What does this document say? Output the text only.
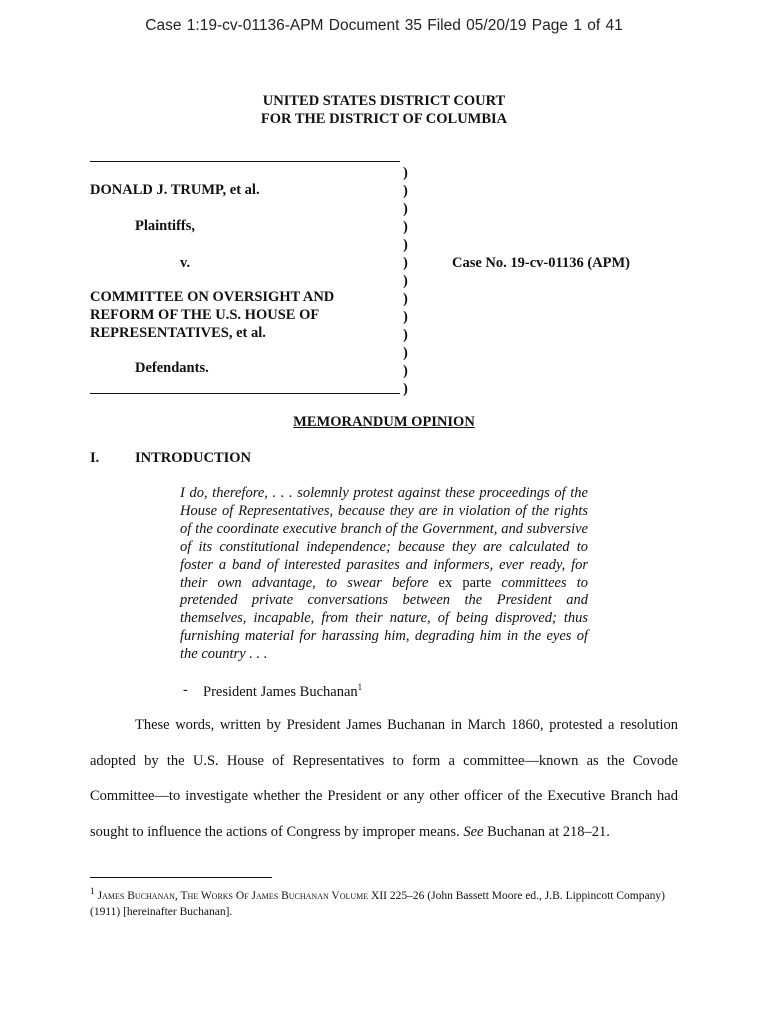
Case 1:19-cv-01136-APM Document 35 Filed 05/20/19 Page 1 of 41
UNITED STATES DISTRICT COURT
FOR THE DISTRICT OF COLUMBIA
DONALD J. TRUMP, et al.
Plaintiffs,
v.
COMMITTEE ON OVERSIGHT AND
REFORM OF THE U.S. HOUSE OF
REPRESENTATIVES, et al.
Defendants.
)
)
)
)
)
)
)
)
)
)
)
)
)
Case No. 19-cv-01136 (APM)
MEMORANDUM OPINION
I. INTRODUCTION
I do, therefore, . . . solemnly protest against these proceedings of the House of Representatives, because they are in violation of the rights of the coordinate executive branch of the Government, and subversive of its constitutional independence; because they are calculated to foster a band of interested parasites and informers, ever ready, for their own advantage, to swear before ex parte committees to pretended private conversations between the President and themselves, incapable, from their nature, of being disproved; thus furnishing material for harassing him, degrading him in the eyes of the country . . .
- President James Buchanan$^1$
These words, written by President James Buchanan in March 1860, protested a resolution adopted by the U.S. House of Representatives to form a committee—known as the Covode Committee—to investigate whether the President or any other officer of the Executive Branch had sought to influence the actions of Congress by improper means. See Buchanan at 218–21.
$^1$ James Buchanan, The Works Of James Buchanan Volume XII 225–26 (John Bassett Moore ed., J.B. Lippincott Company) (1911) [hereinafter Buchanan].
